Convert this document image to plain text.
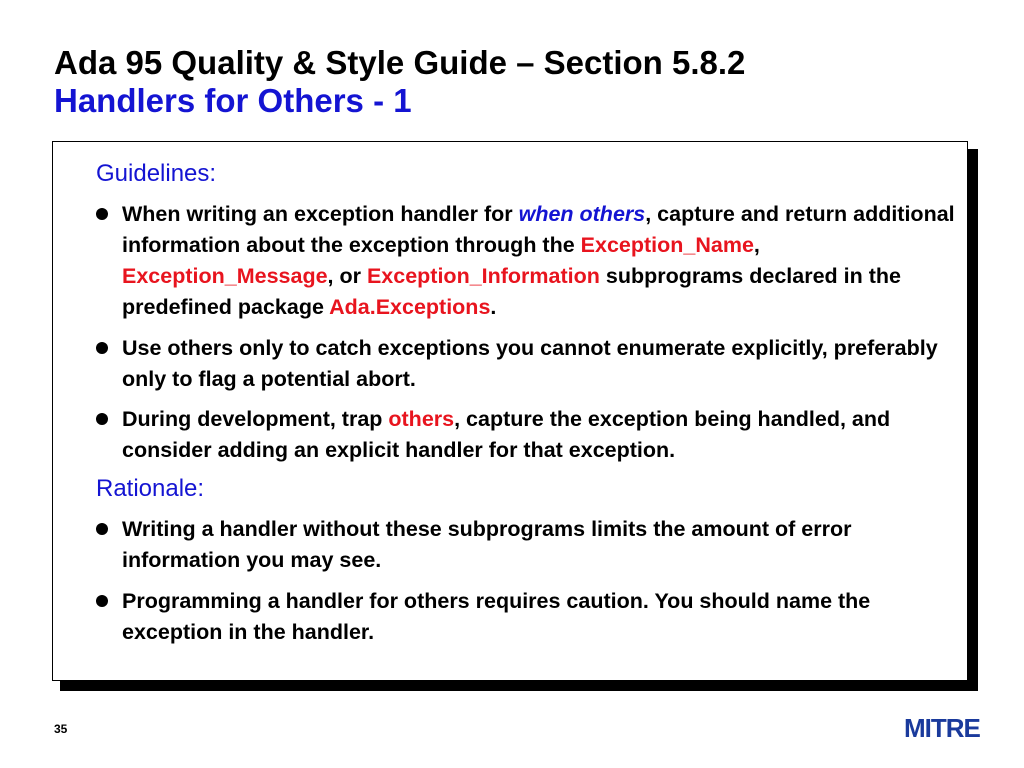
Ada 95 Quality & Style Guide – Section 5.8.2
Handlers for Others - 1
Guidelines:
When writing an exception handler for when others, capture and return additional information about the exception through the Exception_Name, Exception_Message, or Exception_Information subprograms declared in the predefined package Ada.Exceptions.
Use others only to catch exceptions you cannot enumerate explicitly, preferably only to flag a potential abort.
During development, trap others, capture the exception being handled, and consider adding an explicit handler for that exception.
Rationale:
Writing a handler without these subprograms limits the amount of error information you may see.
Programming a handler for others requires caution. You should name the exception in the handler.
35	MITRE
